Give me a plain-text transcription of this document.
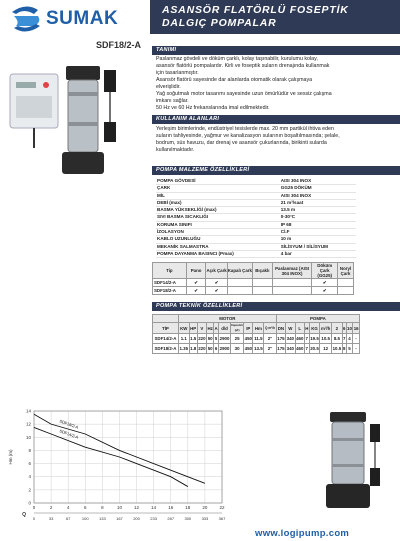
SUMAK	ASANSÖR FLATÖRLÜ FOSEPTİK
DALGIÇ POMPALAR
SDF18/2-A	TANIMI
Paslanmaz gövdeli ve döküm çarklı, kolay taşınabilir, kurulumu kolay,
asansör flatörlü pompalardır. Kirli ve foseptik suların drenajında kullanmak
için tasarlanmıştır.
Asansör flatörü sayesinde dar alanlarda otomatik olarak çalışmaya
elverişlidir.
Yağ soğutmalı motor tasarımı sayesinde uzun ömürlüdür ve sessiz çalışma
imkanı sağlar.
50 Hz ve 60 Hz frekanslarında imal edilmektedir.
KULLANIM ALANLARI
Yerleşim birimlerinde, endüstriyel tesislerde max. 20 mm partikül ihtiva eden
suların tahliyesinde, yağmur ve kanalizasyon sularının boşaltılmasında; şelale,
bodrum, süs havuzu, dar drenaj ve asansör çukurlarında, birikinti sularda
kullanılmaktadır.
POMPA MALZEME ÖZELLİKLERİ
POMPA GÖVDESİ	AISI 304 INOX
ÇARK	GG25 DÖKÜM
MİL	AISI 304 INOX
DEBİ (max)	21 m³/saat
BASMA YÜKSEKLİĞİ (max)	13.5 m
SIVI BASMA SICAKLIĞI	0-30°C
KORUMA SINIFI	IP 68
İZOLASYON	Cl.F
KABLO UZUNLUĞU	10 m
MEKANİK SALMASTRA	SİLİSYUM / SİLİSYUM
POMPA DAYANMA BASINCI (Pmax)	4 bar
Tip	Pano	Açık Çark	Kapalı Çark	Bıçaklı	Paslanmaz (AISI 304 INOX)	Döküm Çark (GG25)	Noryl Çark
SDF14/2-A	✔	✔				✔	
SDF18/2-A	✔	✔				✔	
POMPA TEKNİK ÖZELLİKLERİ
	MOTOR										POMPA									
TİP	KW	HP	V	Hz	A	d/d	Kapasitör (µF)	IP	Hm	Q m³/h	DN	W	L	H	KG	m³/h	2	6	10	16
SDF14/2-A	1.1	1.5	220	50	5	2900	25	450	11.5	2"	175	340	460	7	19.5	10.5	8.5	7	4	-
SDF18/2-A	1.35	1.8	220	50	6	2900	30	450	13.5	2"	175	340	460	7	20.5	12	10.5	8	5	-
0
2
4
6
8
10
12
14
0	2	4	6	8	10	12	14	16	18	20	22
0	33	67	100	133	167	200	233	267	300	333	367
Hm (m)
Q
SDF14/2-A
SDF18/2-A
www.logipump.com
